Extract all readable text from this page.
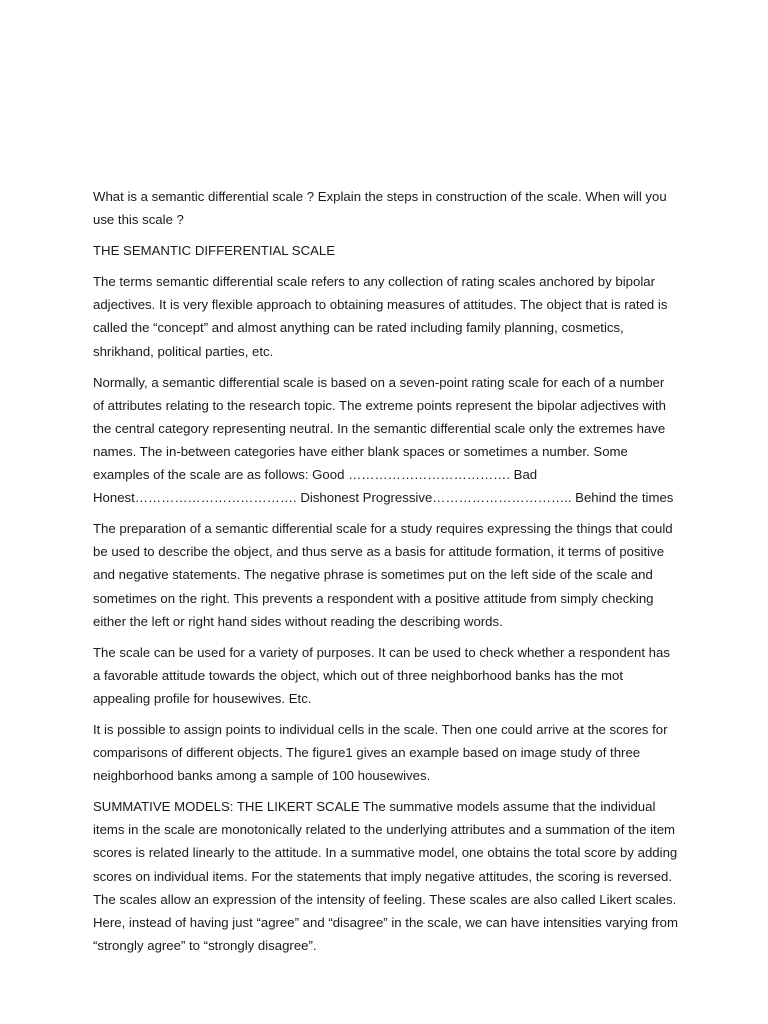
What is a semantic differential scale ? Explain the steps in construction of the scale. When will you use this scale ?

THE SEMANTIC DIFFERENTIAL SCALE

The terms semantic differential scale refers to any collection of rating scales anchored by bipolar adjectives. It is very flexible approach to obtaining measures of attitudes. The object that is rated is called the “concept” and almost anything can be rated including family planning, cosmetics, shrikhand, political parties, etc.

Normally, a semantic differential scale is based on a seven-point rating scale for each of a number of attributes relating to the research topic. The extreme points represent the bipolar adjectives with the central category representing neutral. In the semantic differential scale only the extremes have names. The in-between categories have either blank spaces or sometimes a number. Some examples of the scale are as follows: Good ………………………………. Bad Honest………………………………. Dishonest Progressive………………………….. Behind the times

The preparation of a semantic differential scale for a study requires expressing the things that could be used to describe the object, and thus serve as a basis for attitude formation, it terms of positive and negative statements. The negative phrase is sometimes put on the left side of the scale and sometimes on the right. This prevents a respondent with a positive attitude from simply checking either the left or right hand sides without reading the describing words.

The scale can be used for a variety of purposes. It can be used to check whether a respondent has a favorable attitude towards the object, which out of three neighborhood banks has the mot appealing profile for housewives. Etc.

It is possible to assign points to individual cells in the scale. Then one could arrive at the scores for comparisons of different objects. The figure1 gives an example based on image study of three neighborhood banks among a sample of 100 housewives.

SUMMATIVE MODELS: THE LIKERT SCALE The summative models assume that the individual items in the scale are monotonically related to the underlying attributes and a summation of the item scores is related linearly to the attitude. In a summative model, one obtains the total score by adding scores on individual items. For the statements that imply negative attitudes, the scoring is reversed. The scales allow an expression of the intensity of feeling. These scales are also called Likert scales. Here, instead of having just “agree” and “disagree” in the scale, we can have intensities varying from “strongly agree” to “strongly disagree”.
